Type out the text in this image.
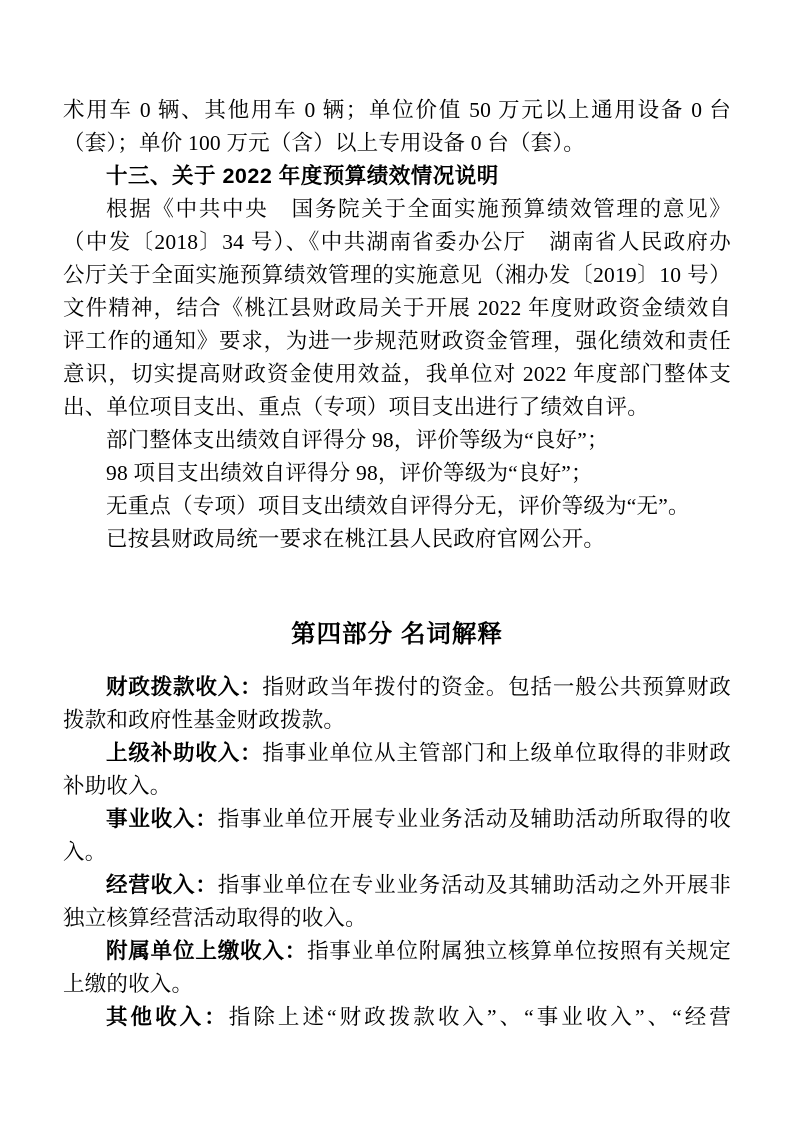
术用车 0 辆、其他用车 0 辆；单位价值 50 万元以上通用设备 0 台
（套）；单价 100 万元（含）以上专用设备 0 台（套）。
十三、关于 2022 年度预算绩效情况说明
根据《中共中央　国务院关于全面实施预算绩效管理的意见》
（中发〔2018〕34 号）、《中共湖南省委办公厅　湖南省人民政府办
公厅关于全面实施预算绩效管理的实施意见（湘办发〔2019〕10 号）
文件精神，结合《桃江县财政局关于开展 2022 年度财政资金绩效自
评工作的通知》要求，为进一步规范财政资金管理，强化绩效和责任
意识，切实提高财政资金使用效益，我单位对 2022 年度部门整体支
出、单位项目支出、重点（专项）项目支出进行了绩效自评。
部门整体支出绩效自评得分 98，评价等级为“良好”；
98 项目支出绩效自评得分 98，评价等级为“良好”；
无重点（专项）项目支出绩效自评得分无，评价等级为“无”。
已按县财政局统一要求在桃江县人民政府官网公开。
第四部分 名词解释
财政拨款收入：指财政当年拨付的资金。包括一般公共预算财政
拨款和政府性基金财政拨款。
上级补助收入：指事业单位从主管部门和上级单位取得的非财政
补助收入。
事业收入：指事业单位开展专业业务活动及辅助活动所取得的收
入。
经营收入：指事业单位在专业业务活动及其辅助活动之外开展非
独立核算经营活动取得的收入。
附属单位上缴收入：指事业单位附属独立核算单位按照有关规定
上缴的收入。
其他收入：指除上述“财政拨款收入”、“事业收入”、“经营
